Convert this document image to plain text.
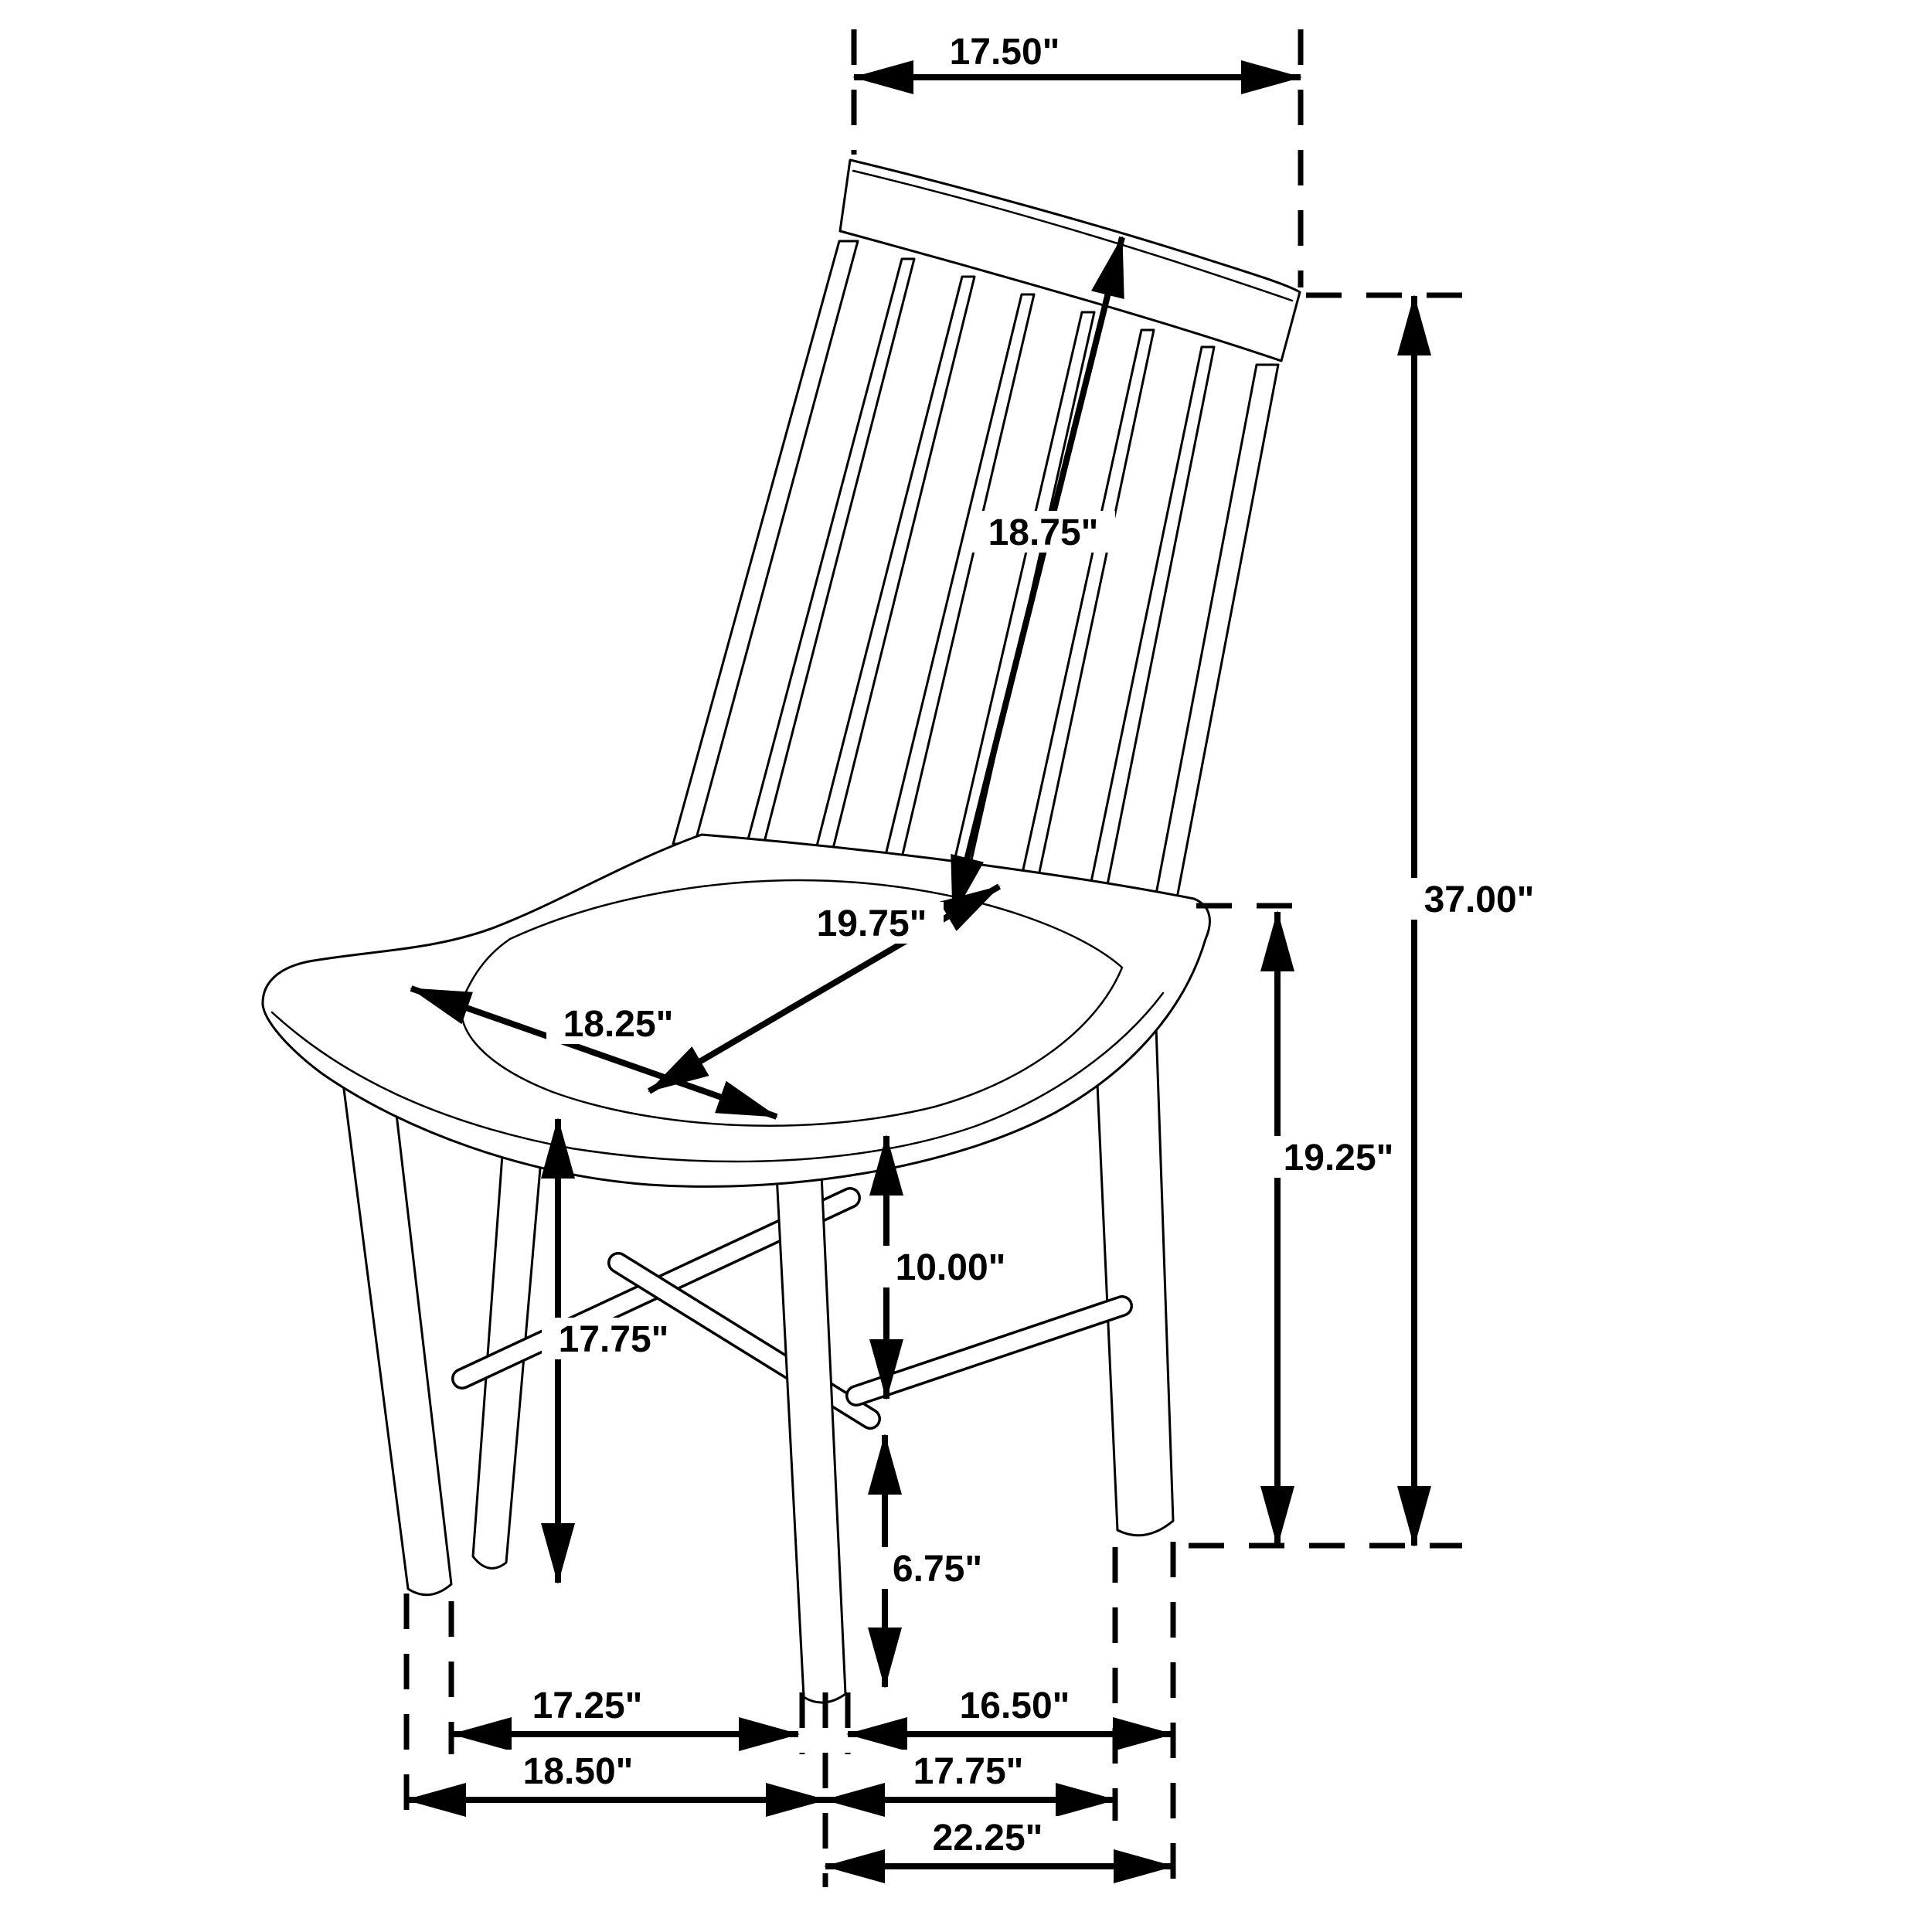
17.50"
18.75"
19.75"
18.25"
37.00"
19.25"
10.00"
17.75"
6.75"
17.25"	16.50"
18.50"	17.75"
22.25"
